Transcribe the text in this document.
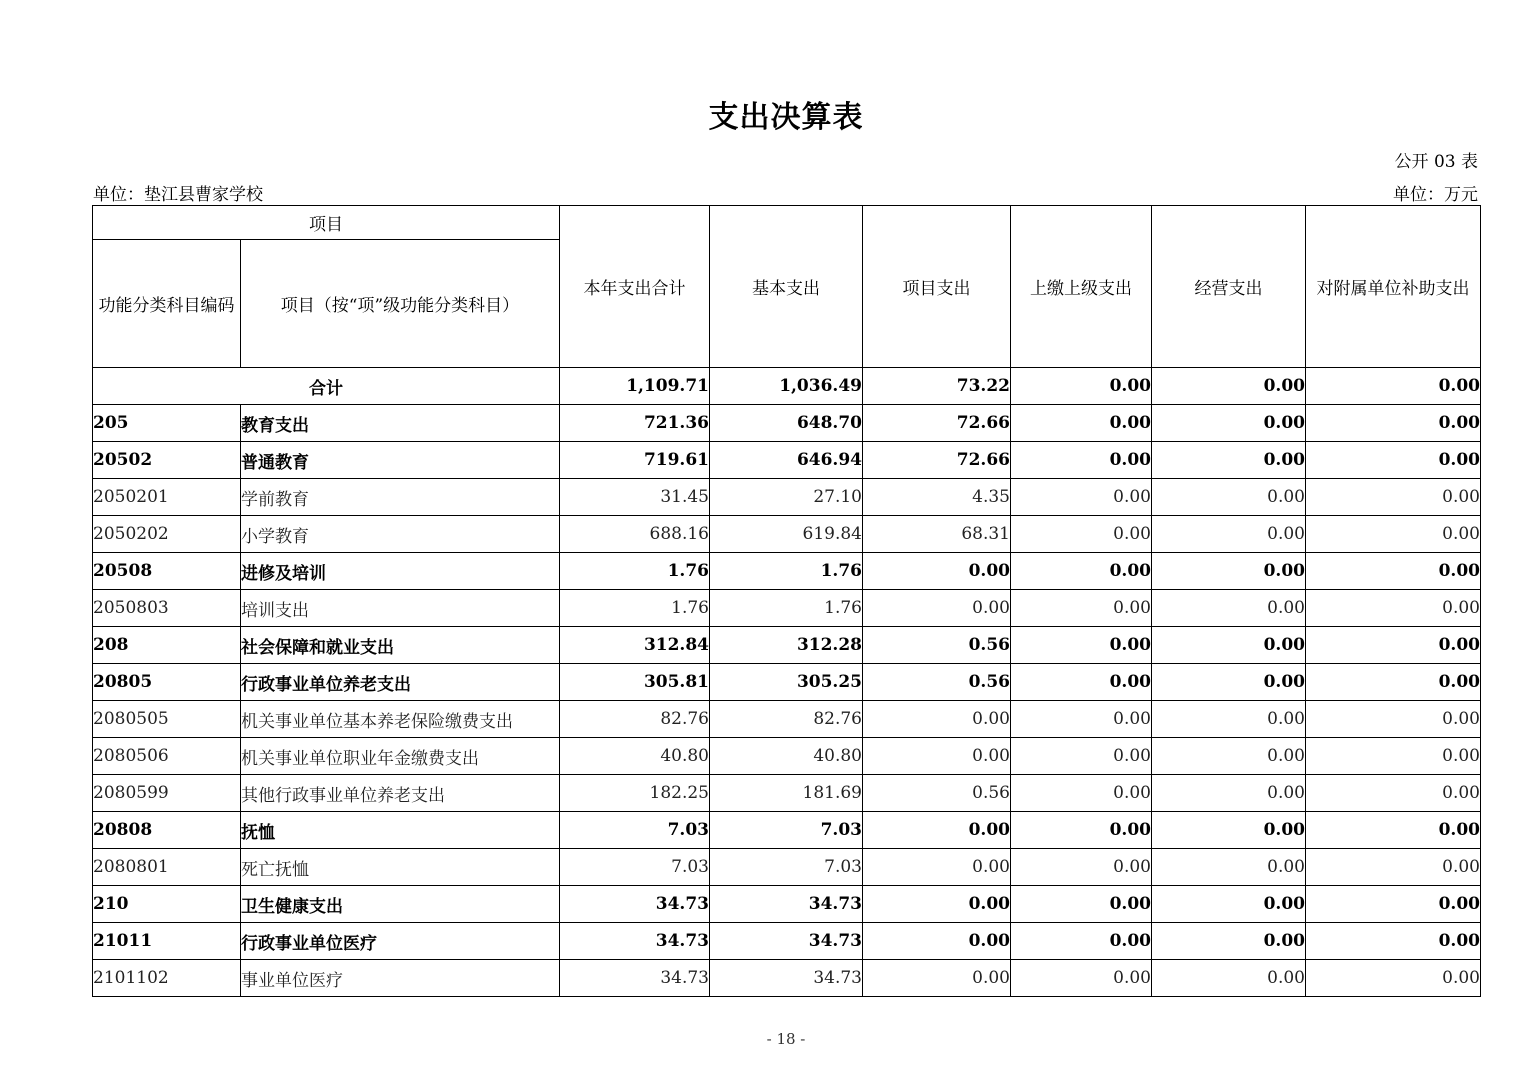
支出决算表
公开 03 表
单位：垫江县曹家学校	单位：万元
项目		本年支出合计	基本支出	项目支出	上缴上级支出	经营支出	对附属单位补助支出
功能分类科目编码	项目（按“项”级功能分类科目）						
合计		1,109.71	1,036.49	73.22	0.00	0.00	0.00
205	教育支出	721.36	648.70	72.66	0.00	0.00	0.00
20502	普通教育	719.61	646.94	72.66	0.00	0.00	0.00
2050201	学前教育	31.45	27.10	4.35	0.00	0.00	0.00
2050202	小学教育	688.16	619.84	68.31	0.00	0.00	0.00
20508	进修及培训	1.76	1.76	0.00	0.00	0.00	0.00
2050803	培训支出	1.76	1.76	0.00	0.00	0.00	0.00
208	社会保障和就业支出	312.84	312.28	0.56	0.00	0.00	0.00
20805	行政事业单位养老支出	305.81	305.25	0.56	0.00	0.00	0.00
2080505	机关事业单位基本养老保险缴费支出	82.76	82.76	0.00	0.00	0.00	0.00
2080506	机关事业单位职业年金缴费支出	40.80	40.80	0.00	0.00	0.00	0.00
2080599	其他行政事业单位养老支出	182.25	181.69	0.56	0.00	0.00	0.00
20808	抚恤	7.03	7.03	0.00	0.00	0.00	0.00
2080801	死亡抚恤	7.03	7.03	0.00	0.00	0.00	0.00
210	卫生健康支出	34.73	34.73	0.00	0.00	0.00	0.00
21011	行政事业单位医疗	34.73	34.73	0.00	0.00	0.00	0.00
2101102	事业单位医疗	34.73	34.73	0.00	0.00	0.00	0.00
- 18 -
